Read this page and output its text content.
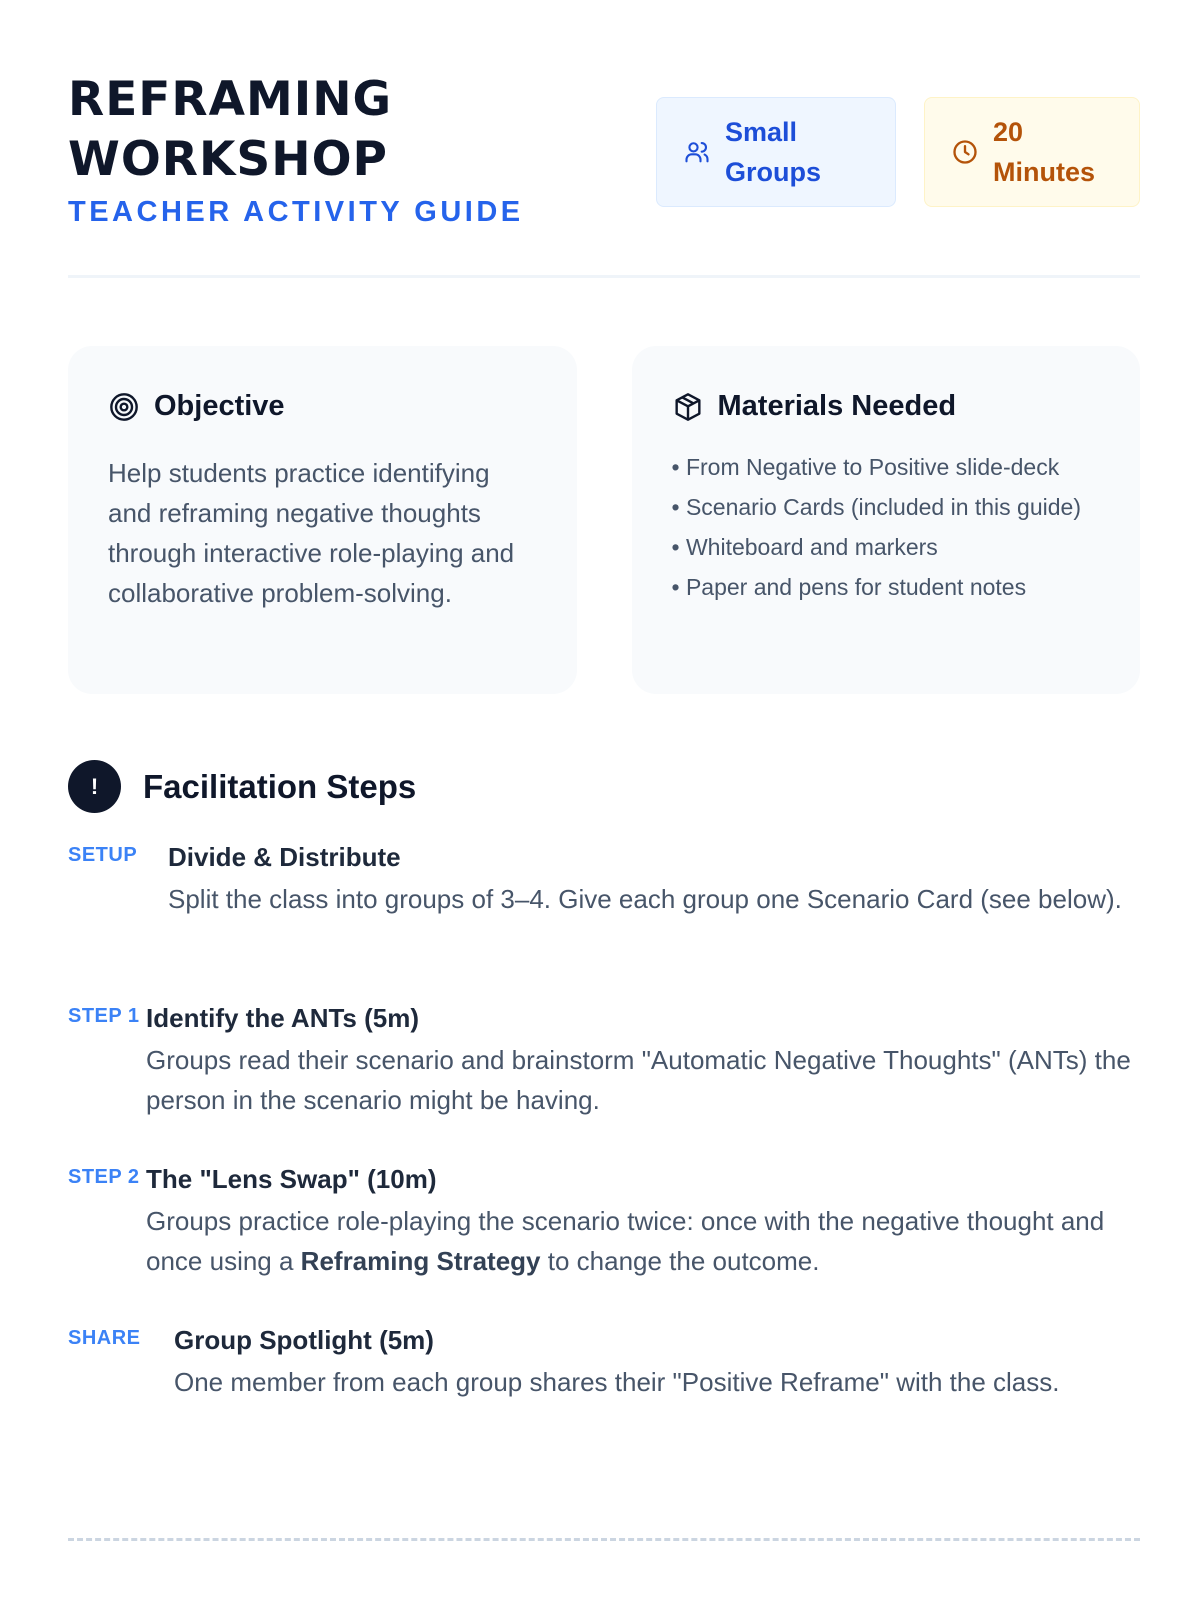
REFRAMING
WORKSHOP
TEACHER ACTIVITY GUIDE
Small
Groups
20
Minutes
Objective

Help students practice identifying and reframing negative thoughts through interactive role-playing and collaborative problem-solving.

Materials Needed
• From Negative to Positive slide-deck
• Scenario Cards (included in this guide)
• Whiteboard and markers
• Paper and pens for student notes
!	Facilitation Steps
SETUP	Divide & Distribute
Split the class into groups of 3–4. Give each group one Scenario Card (see below).
STEP 1 Identify the ANTs (5m)
Groups read their scenario and brainstorm "Automatic Negative Thoughts" (ANTs) the person in the scenario might be having.
STEP 2 The "Lens Swap" (10m)
Groups practice role-playing the scenario twice: once with the negative thought and once using a Reframing Strategy to change the outcome.
SHARE	Group Spotlight (5m)
One member from each group shares their "Positive Reframe" with the class.
